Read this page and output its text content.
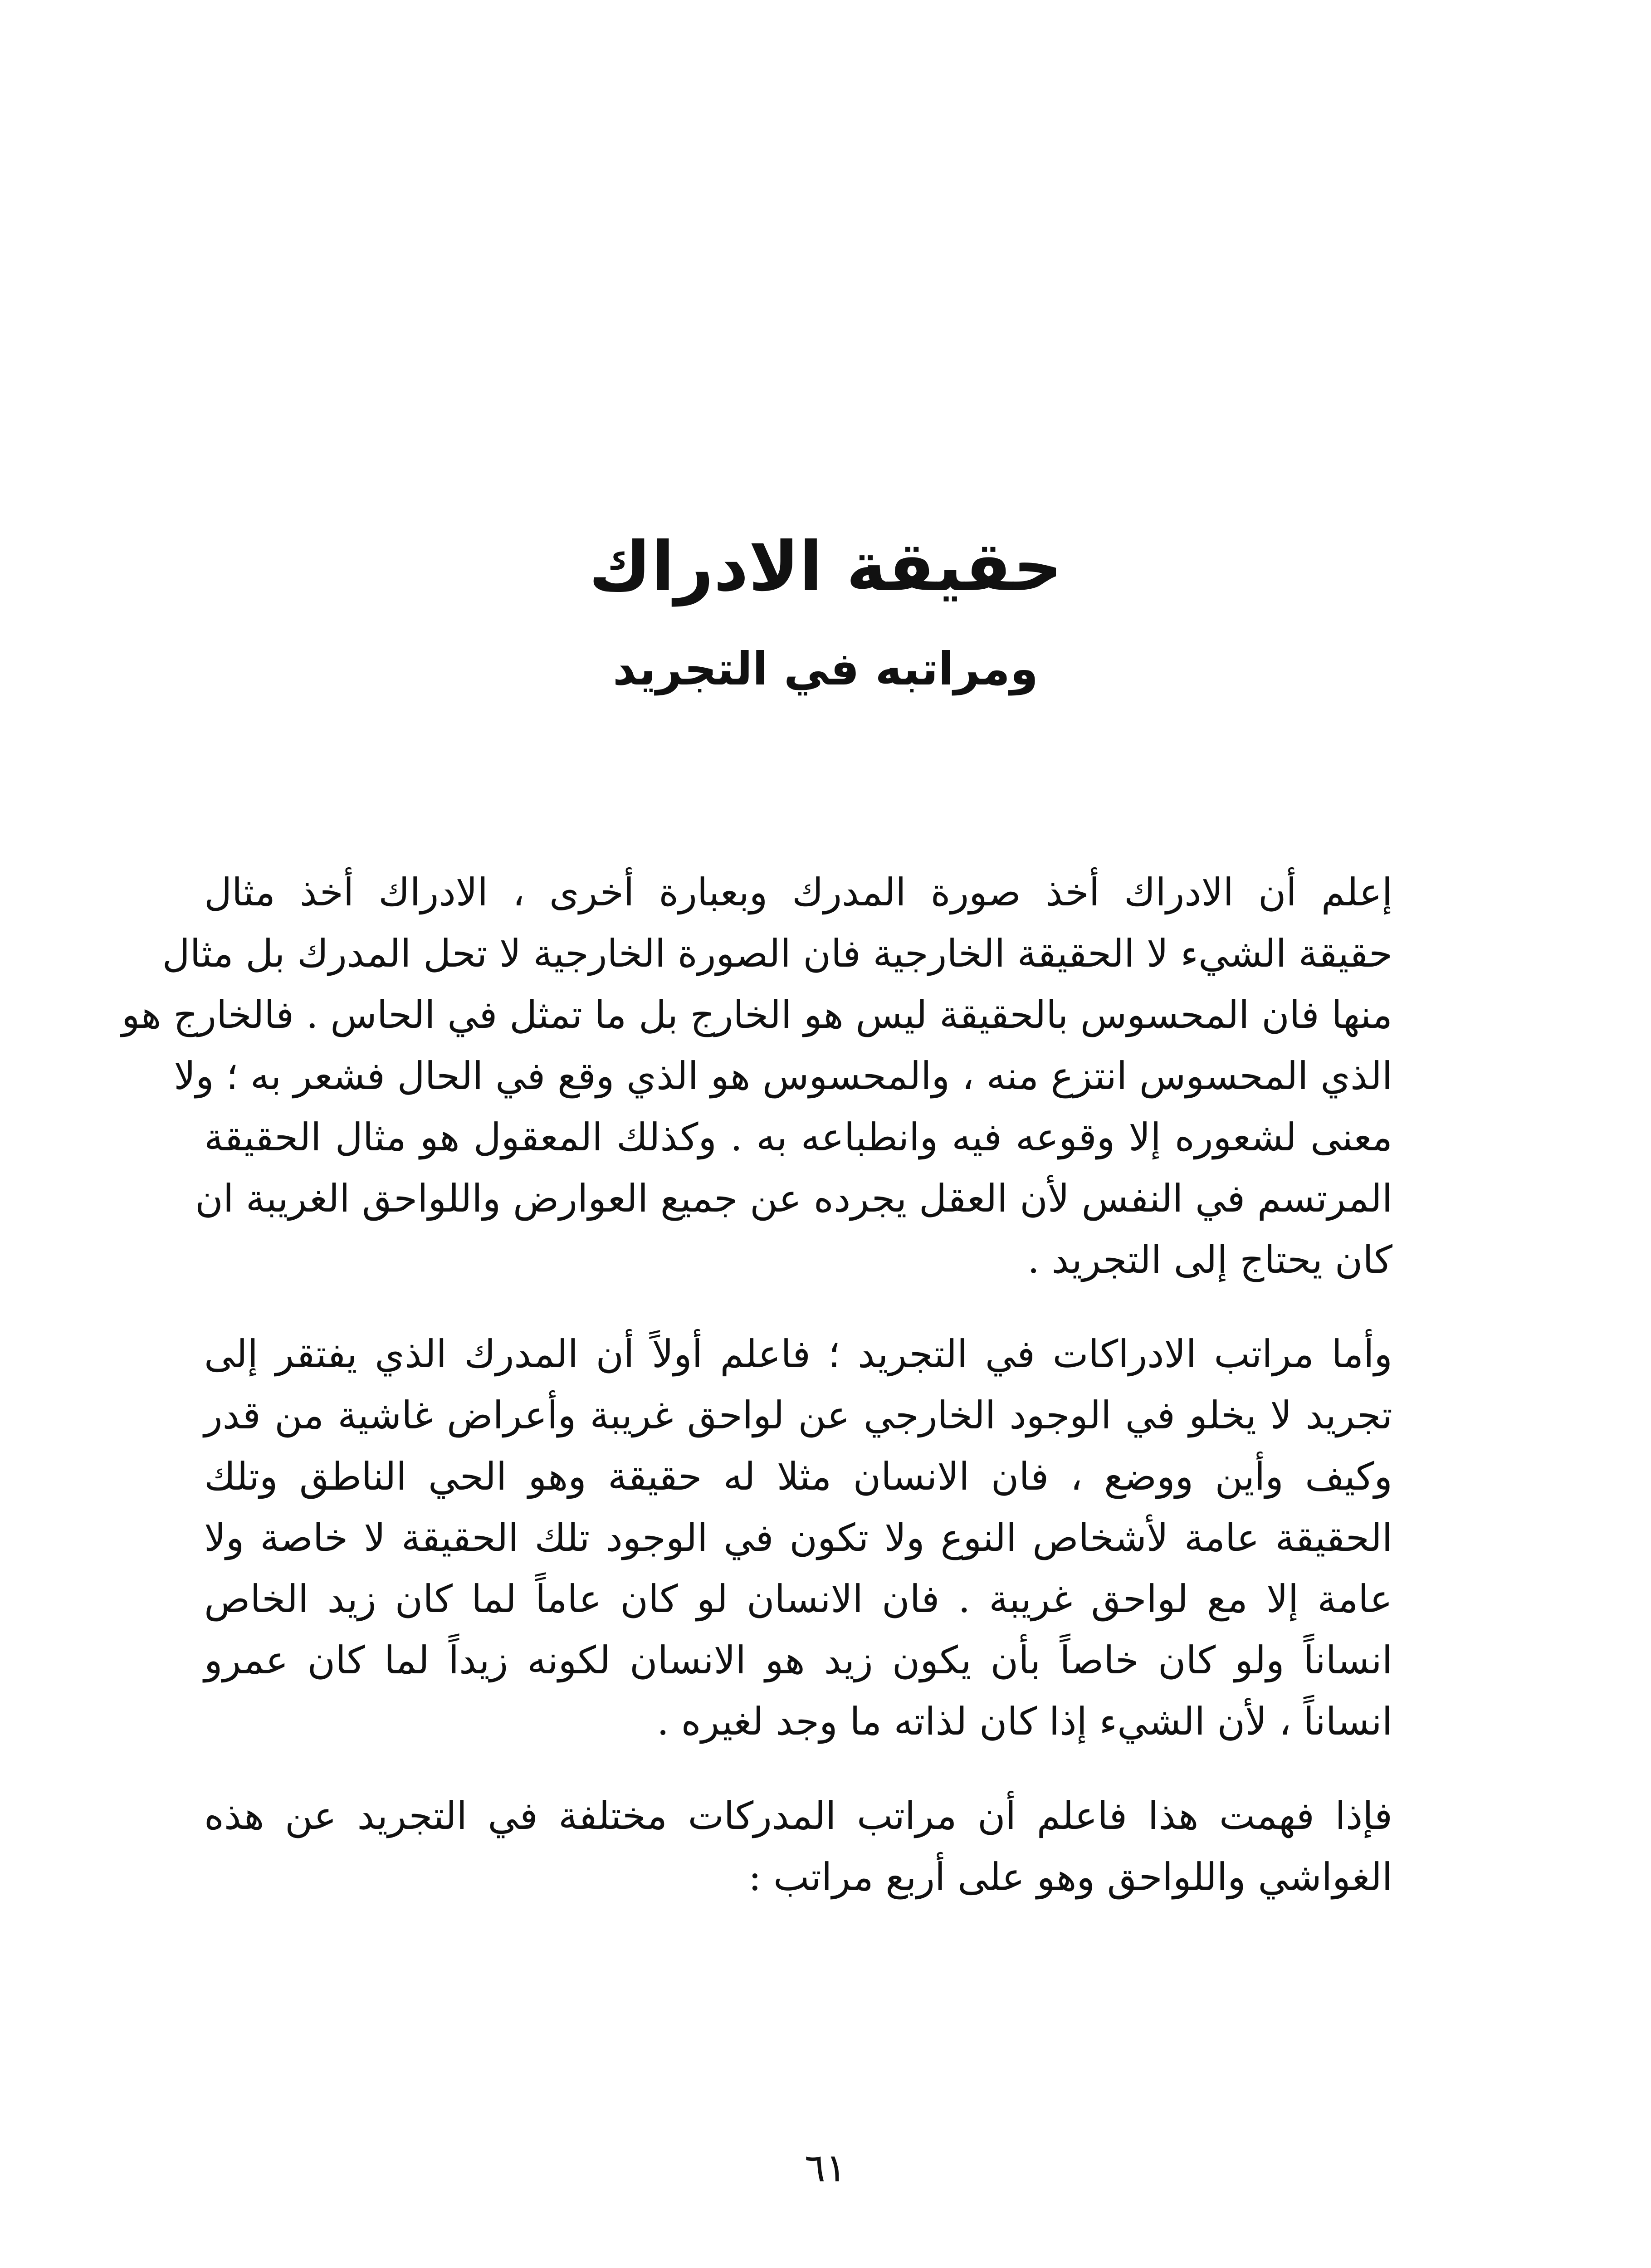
حقيقة الادراك
ومراتبه في التجريد

إعلم أن الادراك أخذ صورة المدرك وبعبارة أخرى ، الادراك أخذ مثال
حقيقة الشيء لا الحقيقة الخارجية فان الصورة الخارجية لا تحل المدرك بل مثال
منها فان المحسوس بالحقيقة ليس هو الخارج بل ما تمثل في الحاس . فالخارج هو
الذي المحسوس انتزع منه ، والمحسوس هو الذي وقع في الحال فشعر به ؛ ولا
معنى لشعوره إلا وقوعه فيه وانطباعه به . وكذلك المعقول هو مثال الحقيقة
المرتسم في النفس لأن العقل يجرده عن جميع العوارض واللواحق الغريبة ان
كان يحتاج إلى التجريد .

وأما مراتب الادراكات في التجريد ؛ فاعلم أولاً أن المدرك الذي يفتقر إلى
تجريد لا يخلو في الوجود الخارجي عن لواحق غريبة وأعراض غاشية من قدر
وكيف وأين ووضع ، فان الانسان مثلا له حقيقة وهو الحي الناطق وتلك
الحقيقة عامة لأشخاص النوع ولا تكون في الوجود تلك الحقيقة لا خاصة ولا
عامة إلا مع لواحق غريبة . فان الانسان لو كان عاماً لما كان زيد الخاص
انساناً ولو كان خاصاً بأن يكون زيد هو الانسان لكونه زيداً لما كان عمرو
انساناً ، لأن الشيء إذا كان لذاته ما وجد لغيره .

فإذا فهمت هذا فاعلم أن مراتب المدركات مختلفة في التجريد عن هذه
الغواشي واللواحق وهو على أربع مراتب :

٦١
